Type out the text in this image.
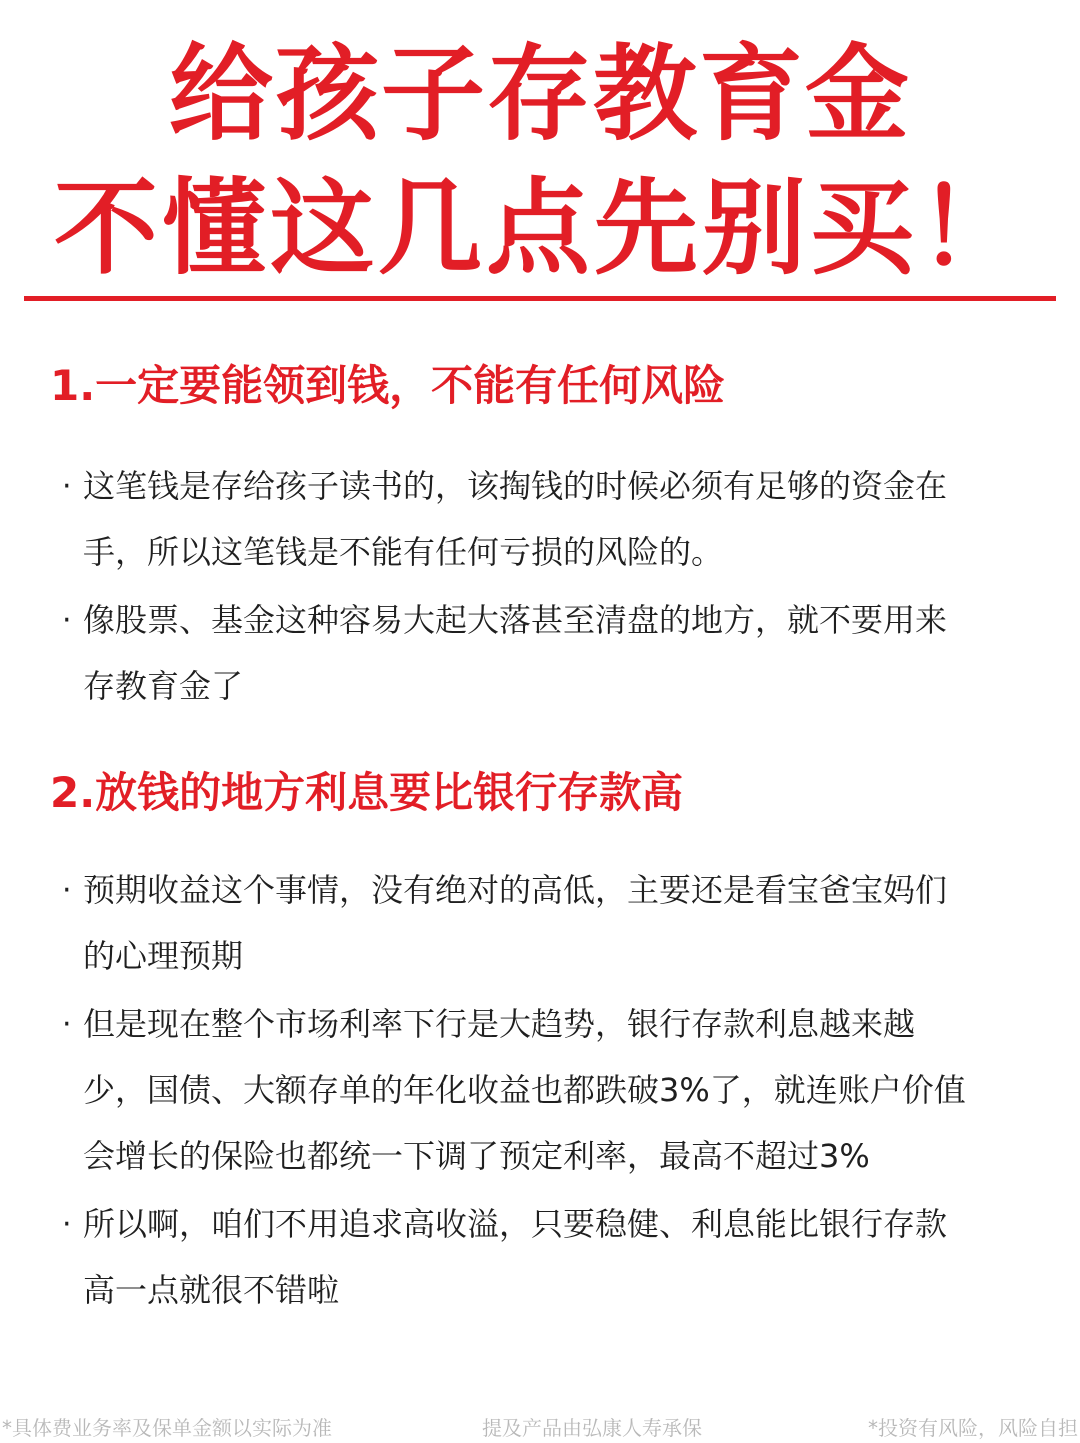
给孩子存教育金
不懂这几点先别买！
1.一定要能领到钱，不能有任何风险
· 这笔钱是存给孩子读书的，该掏钱的时候必须有足够的资金在
手，所以这笔钱是不能有任何亏损的风险的。
· 像股票、基金这种容易大起大落甚至清盘的地方，就不要用来
存教育金了
2.放钱的地方利息要比银行存款高
· 预期收益这个事情，没有绝对的高低，主要还是看宝爸宝妈们
的心理预期
· 但是现在整个市场利率下行是大趋势，银行存款利息越来越
少，国债、大额存单的年化收益也都跌破3%了，就连账户价值
会增长的保险也都统一下调了预定利率，最高不超过3%
· 所以啊，咱们不用追求高收溢，只要稳健、利息能比银行存款
高一点就很不错啦
*具体费业务率及保单金额以实际为准	提及产品由弘康人寿承保	*投资有风险，风险自担
